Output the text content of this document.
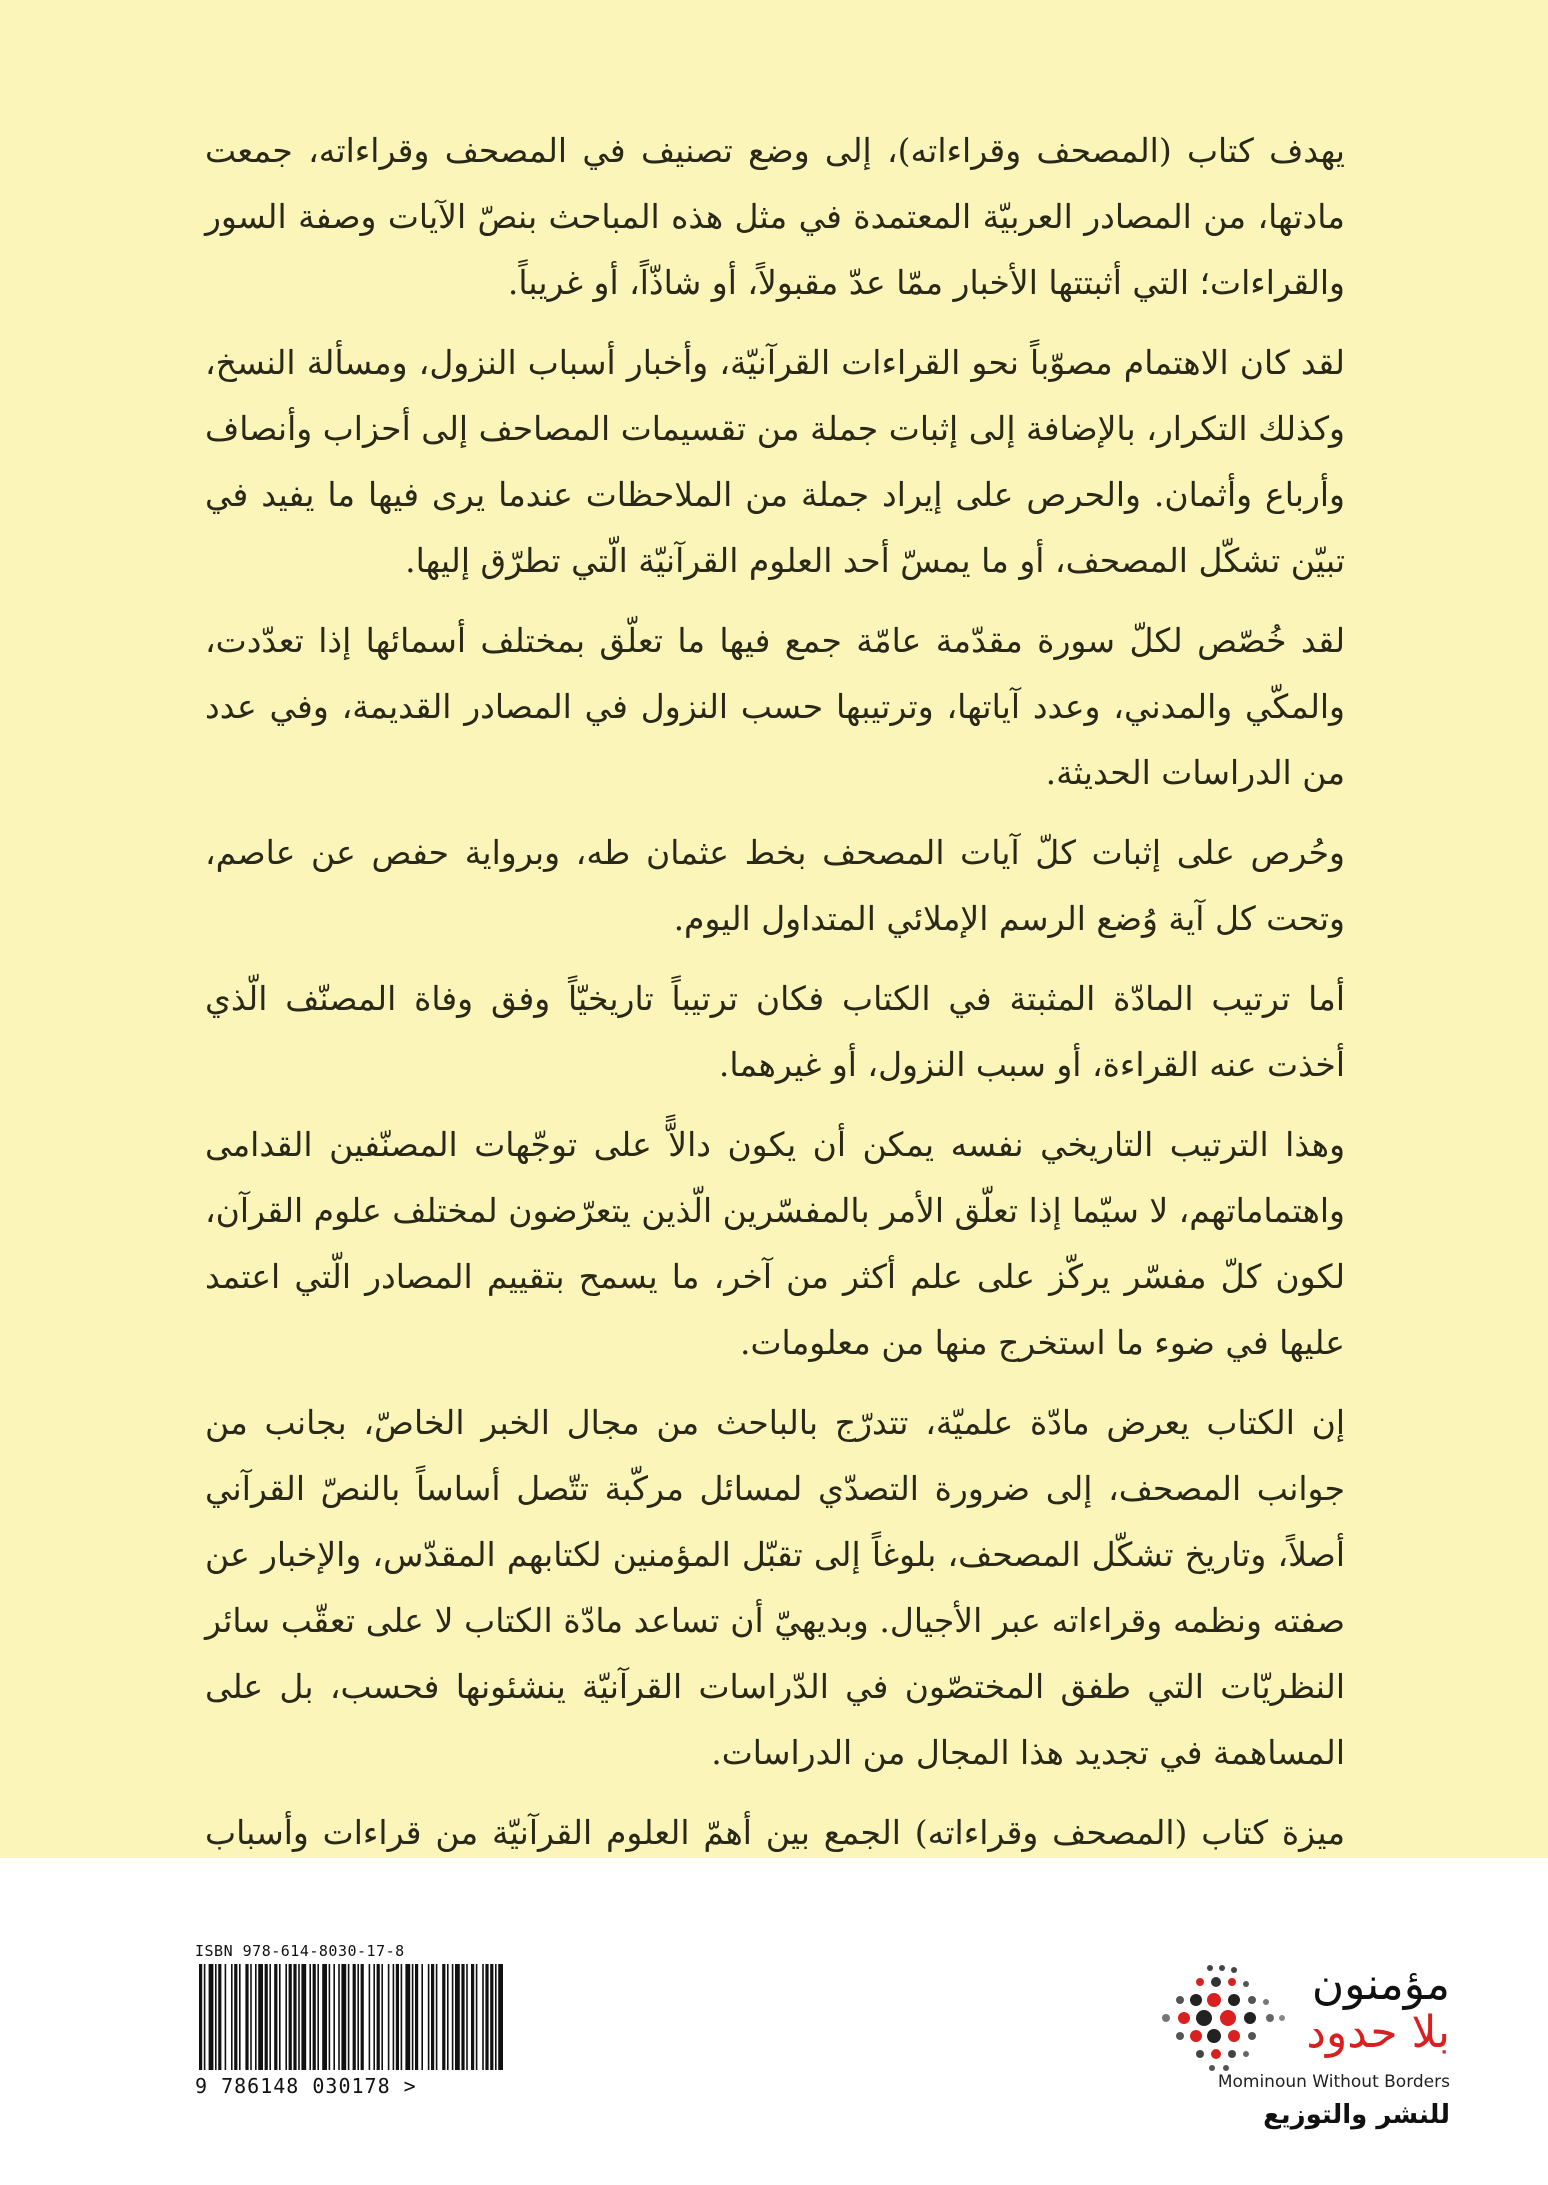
يهدف كتاب (المصحف وقراءاته)، إلى وضع تصنيف في المصحف وقراءاته، جمعت مادتها، من المصادر العربيّة المعتمدة في مثل هذه المباحث بنصّ الآيات وصفة السور والقراءات؛ التي أثبتتها الأخبار ممّا عدّ مقبولاً، أو شاذّاً، أو غريباً.

لقد كان الاهتمام مصوّباً نحو القراءات القرآنيّة، وأخبار أسباب النزول، ومسألة النسخ، وكذلك التكرار، بالإضافة إلى إثبات جملة من تقسيمات المصاحف إلى أحزاب وأنصاف وأرباع وأثمان. والحرص على إيراد جملة من الملاحظات عندما يرى فيها ما يفيد في تبيّن تشكّل المصحف، أو ما يمسّ أحد العلوم القرآنيّة الّتي تطرّق إليها.

لقد خُصّص لكلّ سورة مقدّمة عامّة جمع فيها ما تعلّق بمختلف أسمائها إذا تعدّدت، والمكّي والمدني، وعدد آياتها، وترتيبها حسب النزول في المصادر القديمة، وفي عدد من الدراسات الحديثة.

وحُرص على إثبات كلّ آيات المصحف بخط عثمان طه، وبرواية حفص عن عاصم، وتحت كل آية وُضع الرسم الإملائي المتداول اليوم.

أما ترتيب المادّة المثبتة في الكتاب فكان ترتيباً تاريخيّاً وفق وفاة المصنّف الّذي أخذت عنه القراءة، أو سبب النزول، أو غيرهما.

وهذا الترتيب التاريخي نفسه يمكن أن يكون دالاًّ على توجّهات المصنّفين القدامى واهتماماتهم، لا سيّما إذا تعلّق الأمر بالمفسّرين الّذين يتعرّضون لمختلف علوم القرآن، لكون كلّ مفسّر يركّز على علم أكثر من آخر، ما يسمح بتقييم المصادر الّتي اعتمد عليها في ضوء ما استخرج منها من معلومات.

إن الكتاب يعرض مادّة علميّة، تتدرّج بالباحث من مجال الخبر الخاصّ، بجانب من جوانب المصحف، إلى ضرورة التصدّي لمسائل مركّبة تتّصل أساساً بالنصّ القرآني أصلاً، وتاريخ تشكّل المصحف، بلوغاً إلى تقبّل المؤمنين لكتابهم المقدّس، والإخبار عن صفته ونظمه وقراءاته عبر الأجيال. وبديهيّ أن تساعد مادّة الكتاب لا على تعقّب سائر النظريّات التي طفق المختصّون في الدّراسات القرآنيّة ينشئونها فحسب، بل على المساهمة في تجديد هذا المجال من الدراسات.

ميزة كتاب (المصحف وقراءاته) الجمع بين أهمّ العلوم القرآنيّة من قراءات وأسباب

ISBN 978-614-8030-17-8
9 786148 030178 >
مؤمنون
بلا حدود
Mominoun Without Borders
للنشر والتوزيع
